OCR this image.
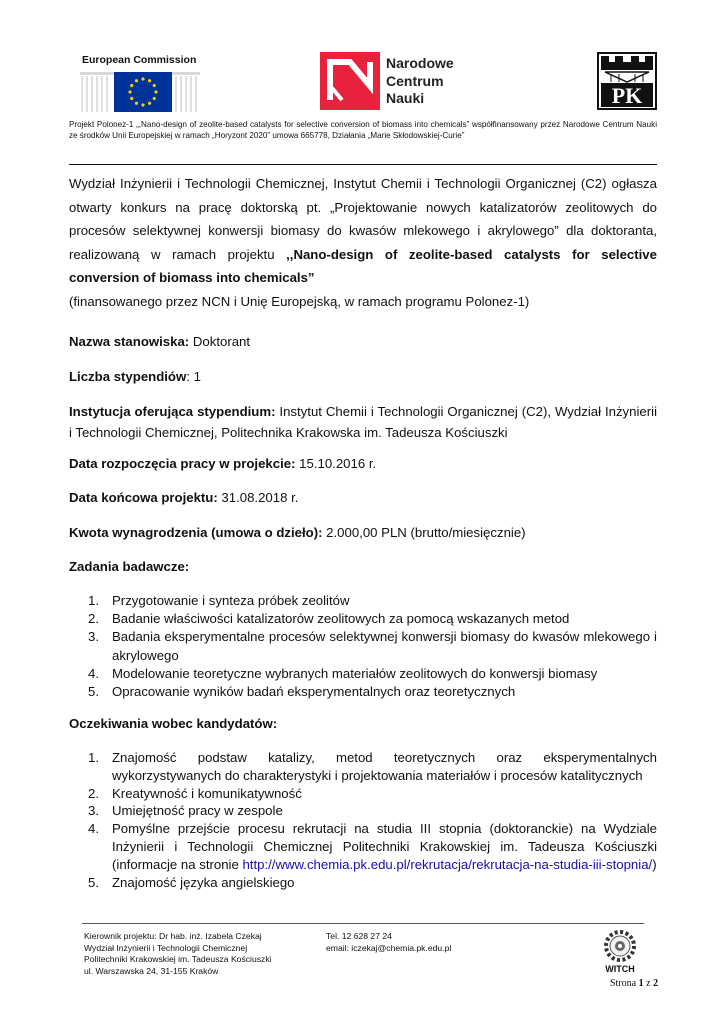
European Commission	Narodowe
Centrum
Nauki	PK
Projekt Polonez-1 „,Nano-design of zeolite-based catalysts for selective conversion of biomass into chemicals” współfinansowany przez Narodowe Centrum Nauki ze środków Unii Europejskiej w ramach „Horyzont 2020” umowa 665778, Działania „Marie Skłodowskiej-Curie”
Wydział Inżynierii i Technologii Chemicznej, Instytut Chemii i Technologii Organicznej (C2) ogłasza otwarty konkurs na pracę doktorską pt. „Projektowanie nowych katalizatorów zeolitowych do procesów selektywnej konwersji biomasy do kwasów mlekowego i akrylowego” dla doktoranta, realizowaną w ramach projektu ,,Nano-design of zeolite-based catalysts for selective conversion of biomass into chemicals”
(finansowanego przez NCN i Unię Europejską, w ramach programu Polonez-1)
Nazwa stanowiska: Doktorant
Liczba stypendiów: 1
Instytucja oferująca stypendium: Instytut Chemii i Technologii Organicznej (C2), Wydział Inżynierii i Technologii Chemicznej, Politechnika Krakowska im. Tadeusza Kościuszki
Data rozpoczęcia pracy w projekcie: 15.10.2016 r.
Data końcowa projektu: 31.08.2018 r.
Kwota wynagrodzenia (umowa o dzieło): 2.000,00 PLN (brutto/miesięcznie)
Zadania badawcze:
1. Przygotowanie i synteza próbek zeolitów
2. Badanie właściwości katalizatorów zeolitowych za pomocą wskazanych metod
3. Badania eksperymentalne procesów selektywnej konwersji biomasy do kwasów mlekowego i akrylowego
4. Modelowanie teoretyczne wybranych materiałów zeolitowych do konwersji biomasy
5. Opracowanie wyników badań eksperymentalnych oraz teoretycznych
Oczekiwania wobec kandydatów:
1. Znajomość podstaw katalizy, metod teoretycznych oraz eksperymentalnych wykorzystywanych do charakterystyki i projektowania materiałów i procesów katalitycznych
2. Kreatywność i komunikatywność
3. Umiejętność pracy w zespole
4. Pomyślne przejście procesu rekrutacji na studia III stopnia (doktoranckie) na Wydziale Inżynierii i Technologii Chemicznej Politechniki Krakowskiej im. Tadeusza Kościuszki (informacje na stronie http://www.chemia.pk.edu.pl/rekrutacja/rekrutacja-na-studia-iii-stopnia/)
5. Znajomość języka angielskiego
Kierownik projektu: Dr hab. inż. Izabela Czekaj
Wydział Inżynierii i Technologii Chemicznej
Politechniki Krakowskiej im. Tadeusza Kościuszki
ul. Warszawska 24, 31-155 Kraków
Tel. 12 628 27 24
email: iczekaj@chemia.pk.edu.pl
WITCH
Strona 1 z 2
